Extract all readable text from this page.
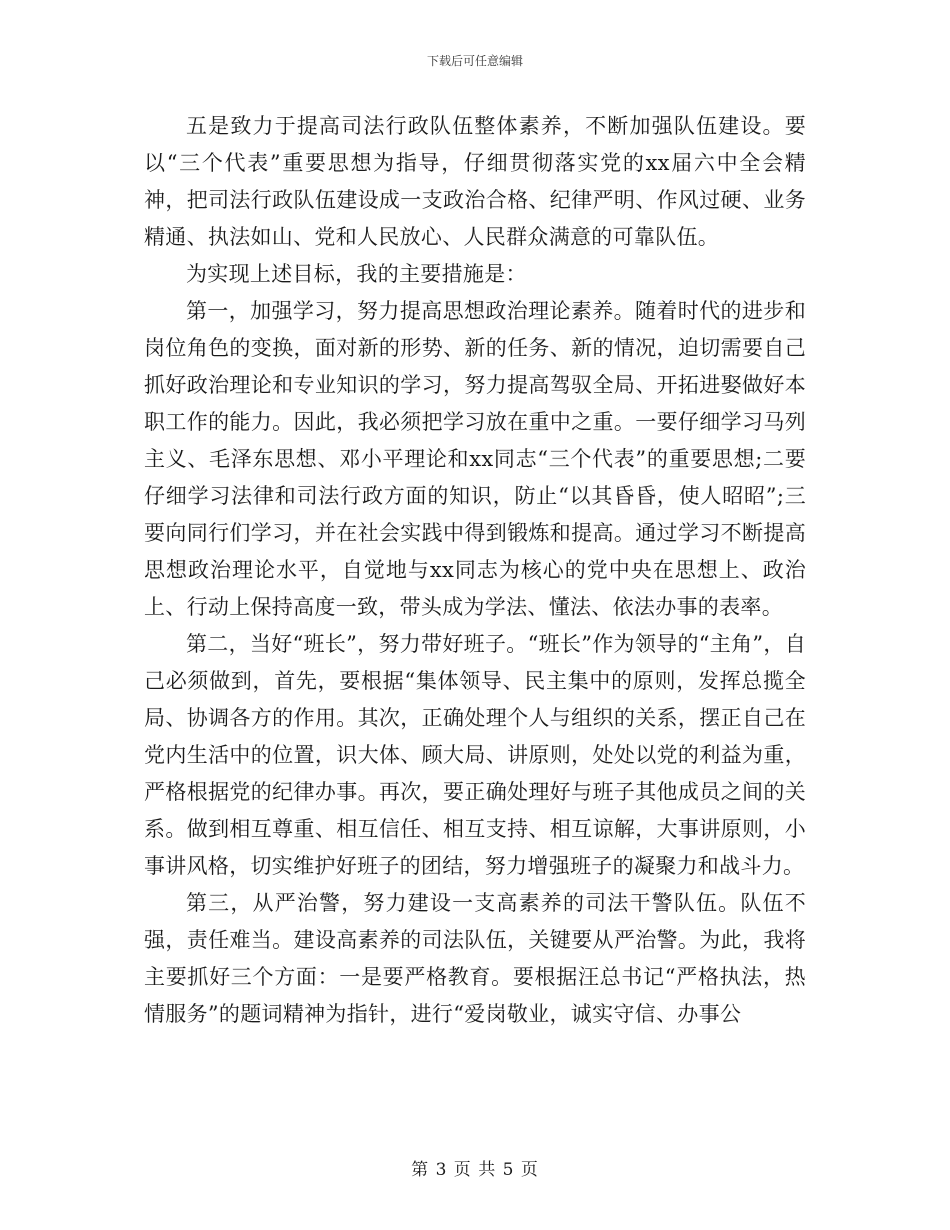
下载后可任意编辑

五是致力于提高司法行政队伍整体素养，不断加强队伍建设。要以“三个代表”重要思想为指导，仔细贯彻落实党的xx届六中全会精神，把司法行政队伍建设成一支政治合格、纪律严明、作风过硬、业务精通、执法如山、党和人民放心、人民群众满意的可靠队伍。

为实现上述目标，我的主要措施是：

第一，加强学习，努力提高思想政治理论素养。随着时代的进步和岗位角色的变换，面对新的形势、新的任务、新的情况，迫切需要自己抓好政治理论和专业知识的学习，努力提高驾驭全局、开拓进娶做好本职工作的能力。因此，我必须把学习放在重中之重。一要仔细学习马列主义、毛泽东思想、邓小平理论和xx同志“三个代表”的重要思想;二要仔细学习法律和司法行政方面的知识，防止“以其昏昏，使人昭昭”;三要向同行们学习，并在社会实践中得到锻炼和提高。通过学习不断提高思想政治理论水平，自觉地与xx同志为核心的党中央在思想上、政治上、行动上保持高度一致，带头成为学法、懂法、依法办事的表率。

第二，当好“班长”，努力带好班子。“班长”作为领导的“主角”，自己必须做到，首先，要根据“集体领导、民主集中的原则，发挥总揽全局、协调各方的作用。其次，正确处理个人与组织的关系，摆正自己在党内生活中的位置，识大体、顾大局、讲原则，处处以党的利益为重，严格根据党的纪律办事。再次，要正确处理好与班子其他成员之间的关系。做到相互尊重、相互信任、相互支持、相互谅解，大事讲原则，小事讲风格，切实维护好班子的团结，努力增强班子的凝聚力和战斗力。

第三，从严治警，努力建设一支高素养的司法干警队伍。队伍不强，责任难当。建设高素养的司法队伍，关键要从严治警。为此，我将主要抓好三个方面：一是要严格教育。要根据汪总书记“严格执法，热情服务”的题词精神为指针，进行“爱岗敬业，诚实守信、办事公

第 3 页 共 5 页
